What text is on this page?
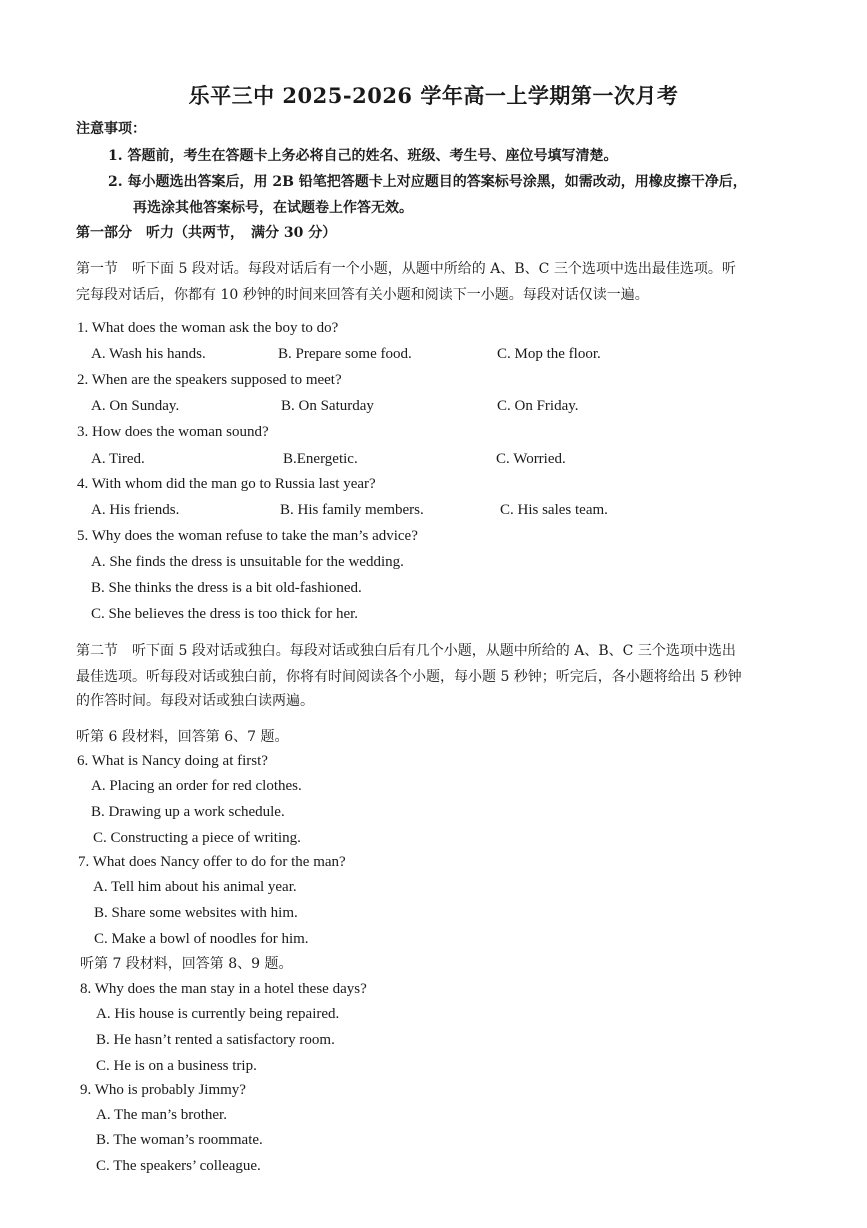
乐平三中 2025-2026 学年高一上学期第一次月考
注意事项：
1. 答题前，考生在答题卡上务必将自己的姓名、班级、考生号、座位号填写清楚。
2. 每小题选出答案后，用 2B 铅笔把答题卡上对应题目的答案标号涂黑，如需改动，用橡皮擦干净后，
再选涂其他答案标号，在试题卷上作答无效。
第一部分　听力（共两节，　满分 30 分）
第一节　听下面 5 段对话。每段对话后有一个小题，从题中所给的 A、B、C 三个选项中选出最佳选项。听
完每段对话后，你都有 10 秒钟的时间来回答有关小题和阅读下一小题。每段对话仅读一遍。
1. What does the woman ask the boy to do?
A. Wash his hands.	B. Prepare some food.	C. Mop the floor.
2. When are the speakers supposed to meet?
A. On Sunday.	B. On Saturday	C. On Friday.
3. How does the woman sound?
A. Tired.	B.Energetic.	C. Worried.
4. With whom did the man go to Russia last year?
A. His friends.	B. His family members.	C. His sales team.
5. Why does the woman refuse to take the man’s advice?
A. She finds the dress is unsuitable for the wedding.
B. She thinks the dress is a bit old-fashioned.
C. She believes the dress is too thick for her.
第二节　听下面 5 段对话或独白。每段对话或独白后有几个小题，从题中所给的 A、B、C 三个选项中选出
最佳选项。听每段对话或独白前，你将有时间阅读各个小题，每小题 5 秒钟；听完后，各小题将给出 5 秒钟
的作答时间。每段对话或独白读两遍。
听第 6 段材料，回答第 6、7 题。
6. What is Nancy doing at first?
A. Placing an order for red clothes.
B. Drawing up a work schedule.
C. Constructing a piece of writing.
7. What does Nancy offer to do for the man?
A. Tell him about his animal year.
B. Share some websites with him.
C. Make a bowl of noodles for him.
听第 7 段材料，回答第 8、9 题。
8. Why does the man stay in a hotel these days?
A. His house is currently being repaired.
B. He hasn’t rented a satisfactory room.
C. He is on a business trip.
9. Who is probably Jimmy?
A. The man’s brother.
B. The woman’s roommate.
C. The speakers’ colleague.
